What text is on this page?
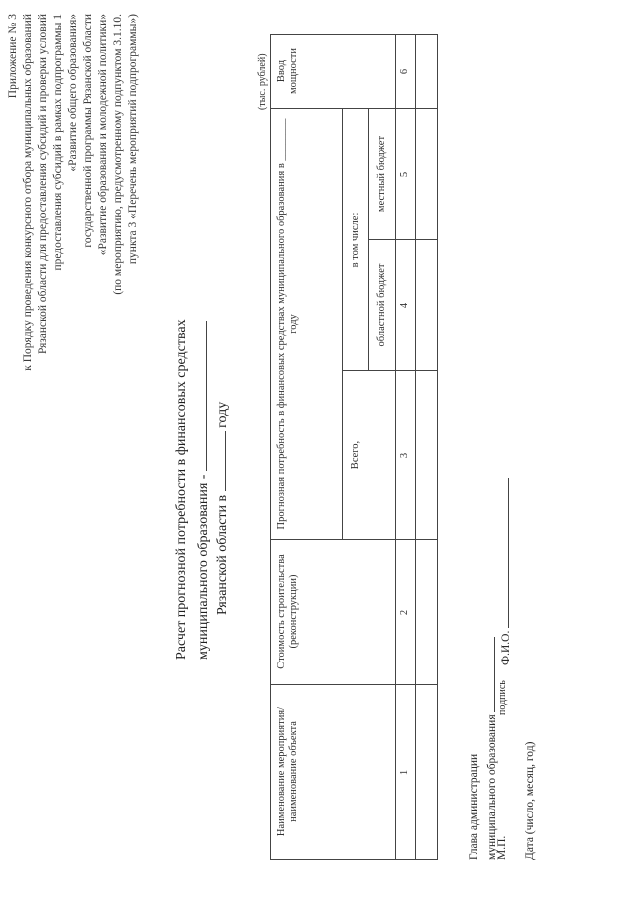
Приложение № 3 к Порядку проведения конкурсного отбора муниципальных образований Рязанской области для предоставления субсидий и проверки условий предоставления субсидий в рамках подпрограммы 1 «Развитие общего образования» государственной программы Рязанской области «Развитие образования и молодежной политики» (по мероприятию, предусмотренному подпунктом 3.1.10. пункта 3 «Перечень мероприятий подпрограммы»)
Расчет прогнозной потребности в финансовых средствах муниципального образования - Рязанской области в  году
(тыс. рублей)
Наименование мероприятия/ наименование объекта
Стоимость строительства (реконструкции)
Прогнозная потребность в финансовых средствах муниципального образования в ________ году
Всего,
в том числе:
областной бюджет
местный бюджет
Ввод мощности
1
2
3
4
5
6
Глава администрации муниципального образования
М.П.
подпись
Ф.И.О.
Дата (число, месяц, год)
